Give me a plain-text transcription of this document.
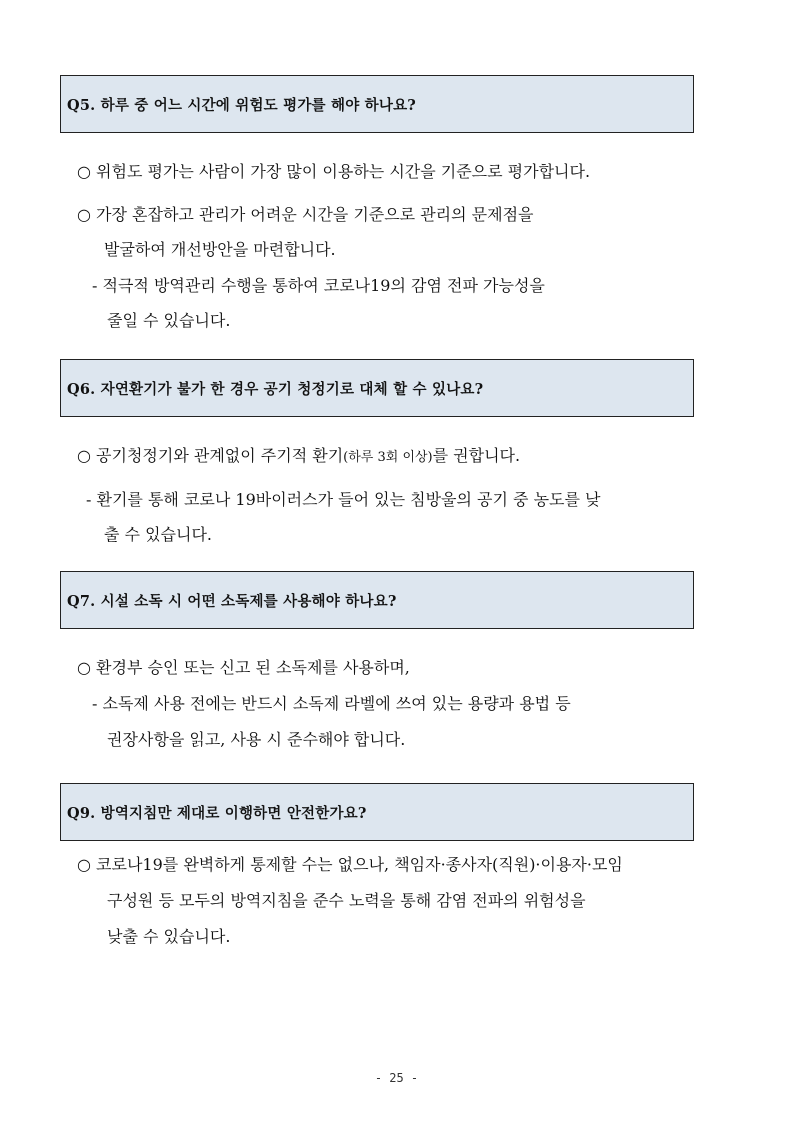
Q5. 하루 중 어느 시간에 위험도 평가를 해야 하나요?
○ 위험도 평가는 사람이 가장 많이 이용하는 시간을 기준으로 평가합니다.
○ 가장 혼잡하고 관리가 어려운 시간을 기준으로 관리의 문제점을
발굴하여 개선방안을 마련합니다.
- 적극적 방역관리 수행을 통하여 코로나19의 감염 전파 가능성을
줄일 수 있습니다.
Q6. 자연환기가 불가 한 경우 공기 청정기로 대체 할 수 있나요?
○ 공기청정기와 관계없이 주기적 환기(하루 3회 이상)를 권합니다.
- 환기를 통해 코로나 19바이러스가 들어 있는 침방울의 공기 중 농도를 낮
출 수 있습니다.
Q7. 시설 소독 시 어떤 소독제를 사용해야 하나요?
○ 환경부 승인 또는 신고 된 소독제를 사용하며,
- 소독제 사용 전에는 반드시 소독제 라벨에 쓰여 있는 용량과 용법 등
권장사항을 읽고, 사용 시 준수해야 합니다.
Q9. 방역지침만 제대로 이행하면 안전한가요?
○ 코로나19를 완벽하게 통제할 수는 없으나, 책임자·종사자(직원)·이용자·모임
구성원 등 모두의 방역지침을 준수 노력을 통해 감염 전파의 위험성을
낮출 수 있습니다.
- 25 -
